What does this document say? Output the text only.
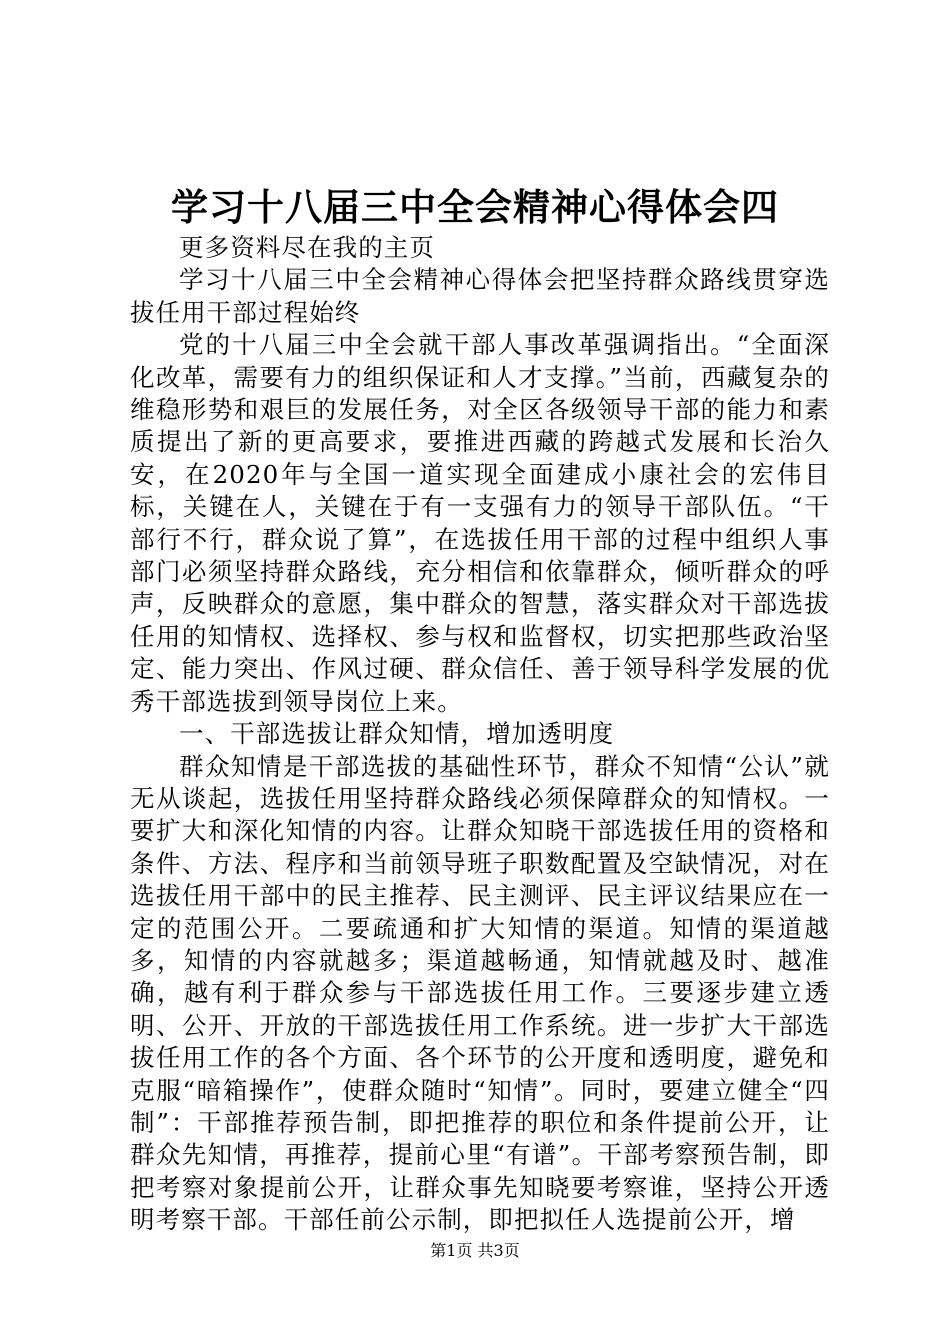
学习十八届三中全会精神心得体会四

更多资料尽在我的主页

学习十八届三中全会精神心得体会把坚持群众路线贯穿选拔任用干部过程始终

党的十八届三中全会就干部人事改革强调指出。“全面深化改革，需要有力的组织保证和人才支撑。”当前，西藏复杂的维稳形势和艰巨的发展任务，对全区各级领导干部的能力和素质提出了新的更高要求，要推进西藏的跨越式发展和长治久安，在2020年与全国一道实现全面建成小康社会的宏伟目标，关键在人，关键在于有一支强有力的领导干部队伍。“干部行不行，群众说了算”，在选拔任用干部的过程中组织人事部门必须坚持群众路线，充分相信和依靠群众，倾听群众的呼声，反映群众的意愿，集中群众的智慧，落实群众对干部选拔任用的知情权、选择权、参与权和监督权，切实把那些政治坚定、能力突出、作风过硬、群众信任、善于领导科学发展的优秀干部选拔到领导岗位上来。

一、干部选拔让群众知情，增加透明度

群众知情是干部选拔的基础性环节，群众不知情“公认”就无从谈起，选拔任用坚持群众路线必须保障群众的知情权。一要扩大和深化知情的内容。让群众知晓干部选拔任用的资格和条件、方法、程序和当前领导班子职数配置及空缺情况，对在选拔任用干部中的民主推荐、民主测评、民主评议结果应在一定的范围公开。二要疏通和扩大知情的渠道。知情的渠道越多，知情的内容就越多；渠道越畅通，知情就越及时、越准确，越有利于群众参与干部选拔任用工作。三要逐步建立透明、公开、开放的干部选拔任用工作系统。进一步扩大干部选拔任用工作的各个方面、各个环节的公开度和透明度，避免和克服“暗箱操作”，使群众随时“知情”。同时，要建立健全“四制”：干部推荐预告制，即把推荐的职位和条件提前公开，让群众先知情，再推荐，提前心里“有谱”。干部考察预告制，即把考察对象提前公开，让群众事先知晓要考察谁，坚持公开透明考察干部。干部任前公示制，即把拟任人选提前公开，增

第1页 共3页
